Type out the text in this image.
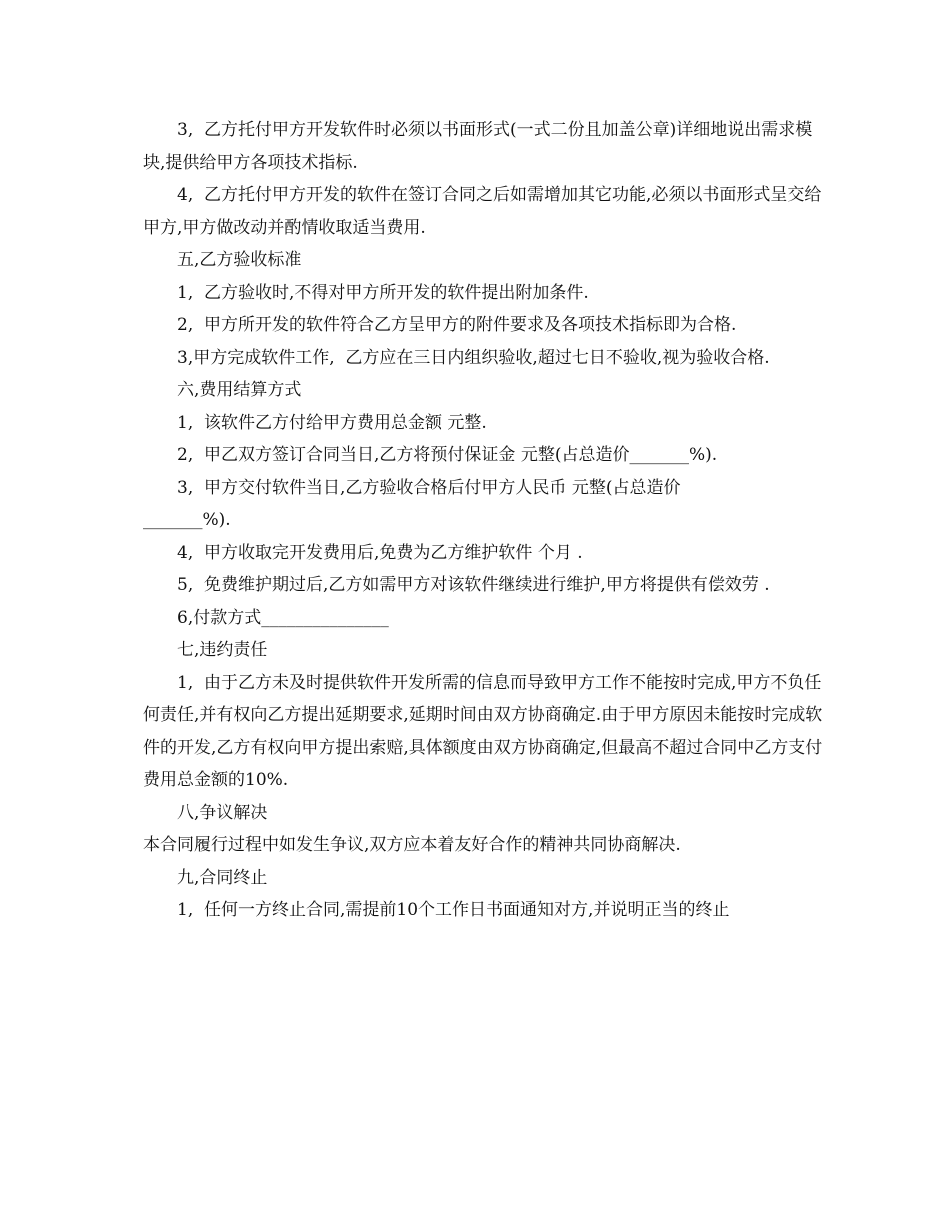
3,  乙方托付甲方开发软件时必须以书面形式(一式二份且加盖公章)详细地说出需求模块,提供给甲方各项技术指标.

4,  乙方托付甲方开发的软件在签订合同之后如需增加其它功能,必须以书面形式呈交给甲方,甲方做改动并酌情收取适当费用.

五,乙方验收标准

1,  乙方验收时,不得对甲方所开发的软件提出附加条件.

2,  甲方所开发的软件符合乙方呈甲方的附件要求及各项技术指标即为合格.

3,甲方完成软件工作,  乙方应在三日内组织验收,超过七日不验收,视为验收合格.

六,费用结算方式

1,  该软件乙方付给甲方费用总金额 元整.

2,  甲乙双方签订合同当日,乙方将预付保证金 元整(占总造价_______%).

3,  甲方交付软件当日,乙方验收合格后付甲方人民币 元整(占总造价

_______%).

4,  甲方收取完开发费用后,免费为乙方维护软件 个月 .

5,  免费维护期过后,乙方如需甲方对该软件继续进行维护,甲方将提供有偿效劳 .

6,付款方式_______________

七,违约责任

1,  由于乙方未及时提供软件开发所需的信息而导致甲方工作不能按时完成,甲方不负任何责任,并有权向乙方提出延期要求,延期时间由双方协商确定.由于甲方原因未能按时完成软件的开发,乙方有权向甲方提出索赔,具体额度由双方协商确定,但最高不超过合同中乙方支付费用总金额的10%.

八,争议解决

本合同履行过程中如发生争议,双方应本着友好合作的精神共同协商解决.

九,合同终止

1,  任何一方终止合同,需提前10个工作日书面通知对方,并说明正当的终止
